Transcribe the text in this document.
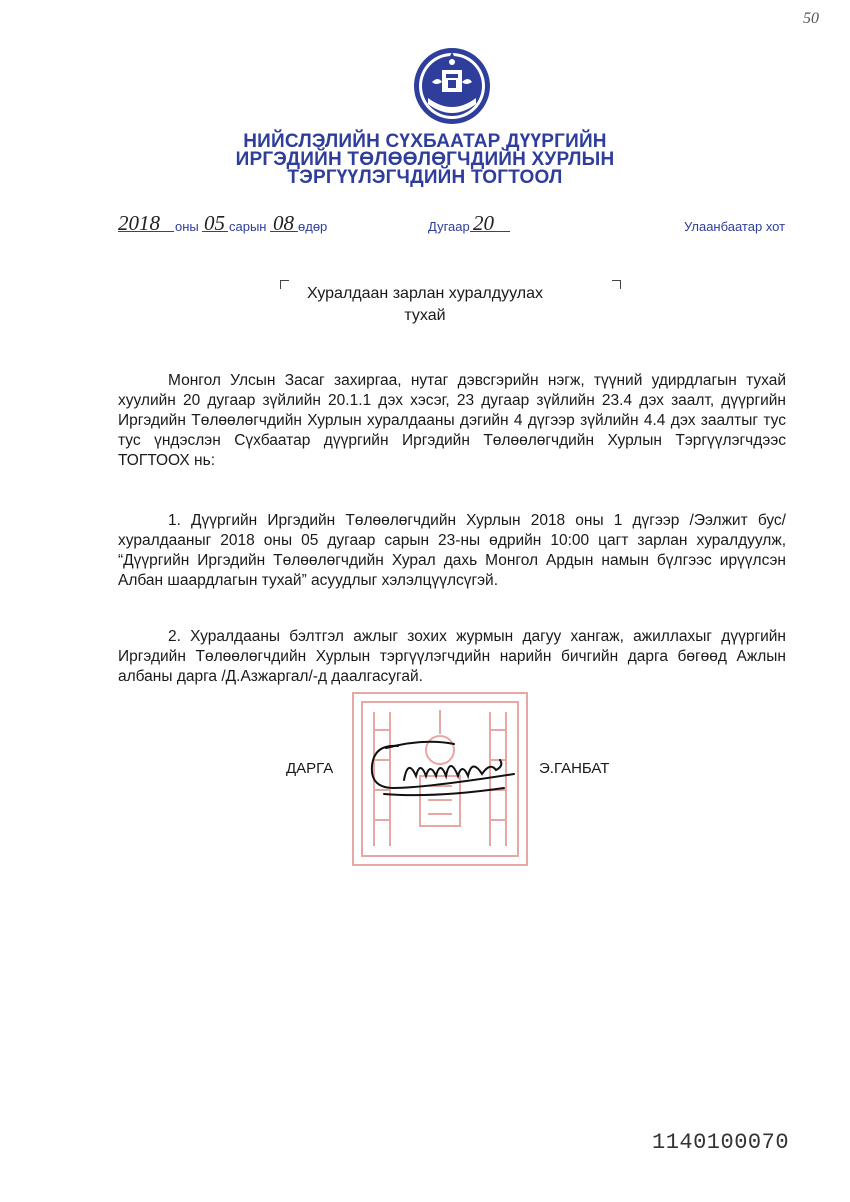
50
НИЙСЛЭЛИЙН СҮХБААТАР ДҮҮРГИЙН
ИРГЭДИЙН ТӨЛӨӨЛӨГЧДИЙН ХУРЛЫН
ТЭРГҮҮЛЭГЧДИЙН ТОГТООЛ
2018 оны 05 сарын 08 өдөр	Дугаар 20	Улаанбаатар хот
Хуралдаан зарлан хуралдуулах
тухай

Монгол Улсын Засаг захиргаа, нутаг дэвсгэрийн нэгж, түүний удирдлагын тухай хуулийн 20 дугаар зүйлийн 20.1.1 дэх хэсэг, 23 дугаар зүйлийн 23.4 дэх заалт, дүүргийн Иргэдийн Төлөөлөгчдийн Хурлын хуралдааны дэгийн 4 дүгээр зүйлийн 4.4 дэх заалтыг тус тус үндэслэн Сүхбаатар дүүргийн Иргэдийн Төлөөлөгчдийн Хурлын Тэргүүлэгчдээс ТОГТООХ нь:

1. Дүүргийн Иргэдийн Төлөөлөгчдийн Хурлын 2018 оны 1 дүгээр /Ээлжит бус/ хуралдааныг 2018 оны 05 дугаар сарын 23-ны өдрийн 10:00 цагт зарлан хуралдуулж, “Дүүргийн Иргэдийн Төлөөлөгчдийн Хурал дахь Монгол Ардын намын бүлгээс ирүүлсэн Албан шаардлагын тухай” асуудлыг хэлэлцүүлсүгэй.

2. Хуралдааны бэлтгэл ажлыг зохих журмын дагуу хангаж, ажиллахыг дүүргийн Иргэдийн Төлөөлөгчдийн Хурлын тэргүүлэгчдийн нарийн бичгийн дарга бөгөөд Ажлын албаны дарга /Д.Азжаргал/-д даалгасугай.

ДАРГА	Э.ГАНБАТ
1140100070
